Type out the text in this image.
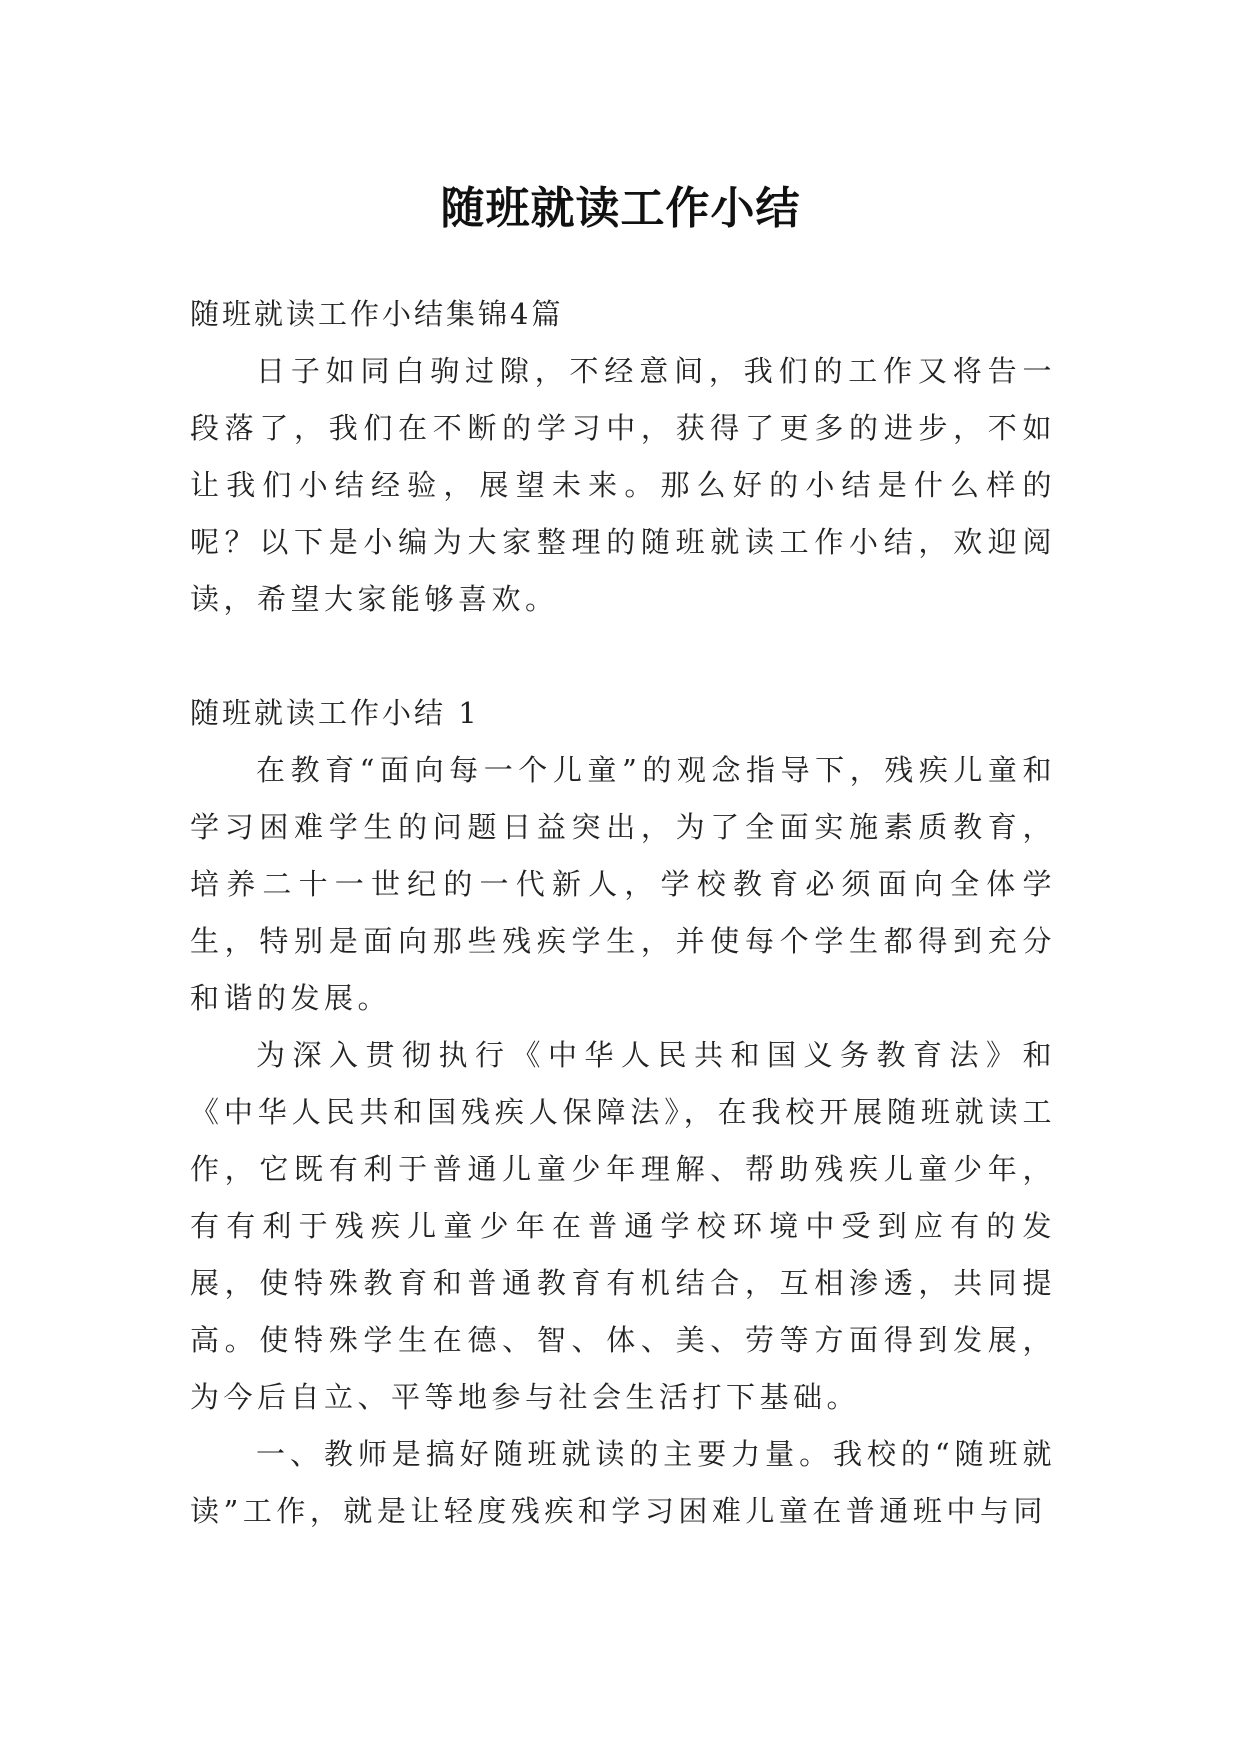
随班就读工作小结

随班就读工作小结集锦4篇

日子如同白驹过隙，不经意间，我们的工作又将告一段落了，我们在不断的学习中，获得了更多的进步，不如让我们小结经验，展望未来。那么好的小结是什么样的呢？以下是小编为大家整理的随班就读工作小结，欢迎阅读，希望大家能够喜欢。

随班就读工作小结 1

在教育“面向每一个儿童”的观念指导下，残疾儿童和学习困难学生的问题日益突出，为了全面实施素质教育，培养二十一世纪的一代新人，学校教育必须面向全体学生，特别是面向那些残疾学生，并使每个学生都得到充分和谐的发展。

为深入贯彻执行《中华人民共和国义务教育法》和《中华人民共和国残疾人保障法》，在我校开展随班就读工作，它既有利于普通儿童少年理解、帮助残疾儿童少年，有有利于残疾儿童少年在普通学校环境中受到应有的发展，使特殊教育和普通教育有机结合，互相渗透，共同提高。使特殊学生在德、智、体、美、劳等方面得到发展，为今后自立、平等地参与社会生活打下基础。

一、教师是搞好随班就读的主要力量。我校的“随班就读”工作，就是让轻度残疾和学习困难儿童在普通班中与同
